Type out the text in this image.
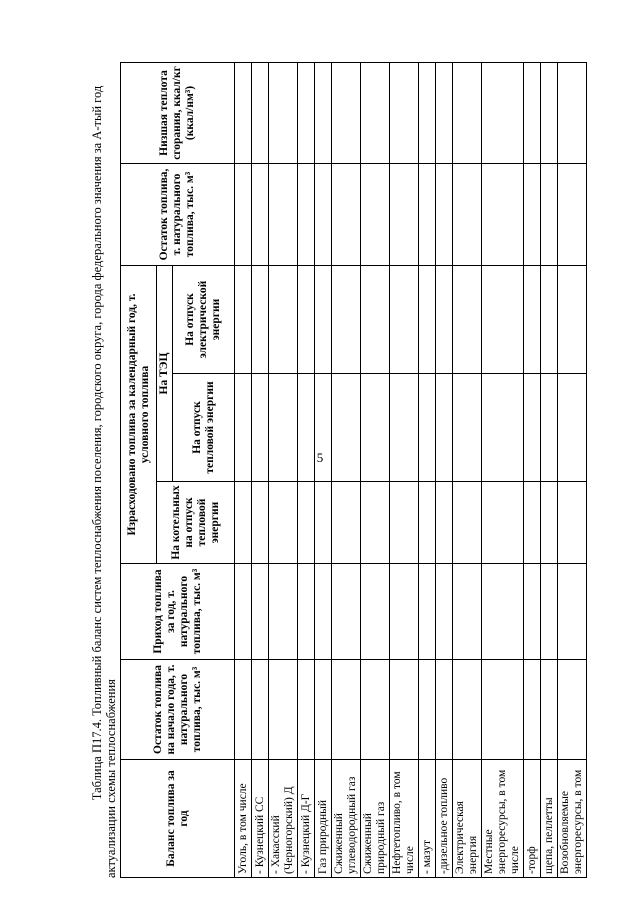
5
Таблица П17.4. Топливный баланс систем теплоснабжения поселения, городского округа, города федерального значения за А-тый год актуализации схемы теплоснабжения	Баланс топлива за год	Остаток топлива на начало года, т. натурального топлива, тыс. м³	Приход топлива за год, т. натурального топлива, тыс. м³	Израсходовано топлива за календарный год, т. условного топлива			Остаток топлива, т. натурального топлива, тыс. м³	Низшая теплота сгорания, ккал/кг (ккал/нм³)
			На котельных на отпуск тепловой энергии	На ТЭЦ			
				На отпуск тепловой энергии	На отпуск электрической энергии		
Уголь, в том числе							
- Кузнецкий СС							
- Хакасский (Черногорский) Д							
- Кузнецкий Д-Г							
Газ природный							
Сжиженный углеводородный газ							
Сжиженный природный газ							
Нефтетопливо, в том числе							
- мазут							
-дизельное топливо							
Электрическая энергия							
Местные энергоресурсы, в том числе							
-торф							
щепа, пеллетты							
Возобновляемые энергоресурсы, в том							
